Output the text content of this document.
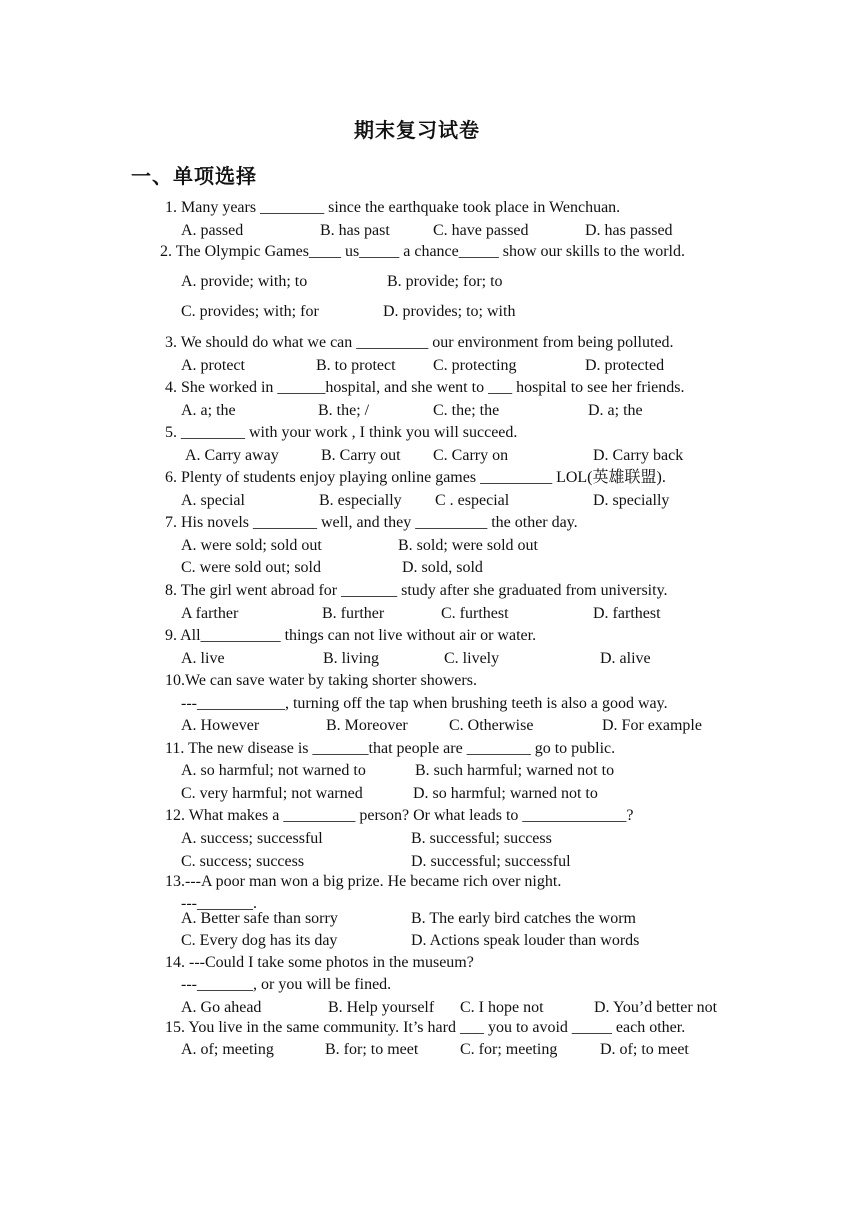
期末复习试卷
一、单项选择
1. Many years ________ since the earthquake took place in Wenchuan.
A. passed	B. has past	C. have passed	D. has passed
2. The Olympic Games____ us_____ a chance_____ show our skills to the world.
A. provide; with; to	B. provide; for; to
C. provides; with; for	D. provides; to; with
3. We should do what we can _________ our environment from being polluted.
A. protect	B. to protect C. protecting	D. protected
4. She worked in ______hospital, and she went to ___ hospital to see her friends.
A. a; the	B. the; /	C. the; the	D. a; the
5. ________ with your work , I think you will succeed.
A. Carry away	B. Carry out C. Carry on	D. Carry back
6. Plenty of students enjoy playing online games _________ LOL(英雄联盟).
A. special	B. especially C . especial	D. specially
7. His novels ________ well, and they _________ the other day.
A. were sold; sold out	B. sold; were sold out
C. were sold out; sold	D. sold, sold
8. The girl went abroad for _______ study after she graduated from university.
A farther	B. further	C. furthest	D. farthest
9. All__________ things can not live without air or water.
A. live	B. living	C. lively	D. alive
10.We can save water by taking shorter showers.
---___________, turning off the tap when brushing teeth is also a good way.
A. However	B. Moreover	C. Otherwise	D. For example
11. The new disease is _______that people are ________ go to public.
A. so harmful; not warned to	B. such harmful; warned not to
C. very harmful; not warned	D. so harmful; warned not to
12. What makes a _________ person? Or what leads to _____________?
A. success; successful	B. successful; success
C. success; success	D. successful; successful
13.---A poor man won a big prize. He became rich over night.
---_______.
A. Better safe than sorry	B. The early bird catches the worm
C. Every dog has its day	D. Actions speak louder than words
14. ---Could I take some photos in the museum?
---_______, or you will be fined.
A. Go ahead	B. Help yourself C. I hope not	D. You’d better not
15. You live in the same community. It’s hard ___ you to avoid _____ each other.
A. of; meeting	B. for; to meet	C. for; meeting	D. of; to meet
